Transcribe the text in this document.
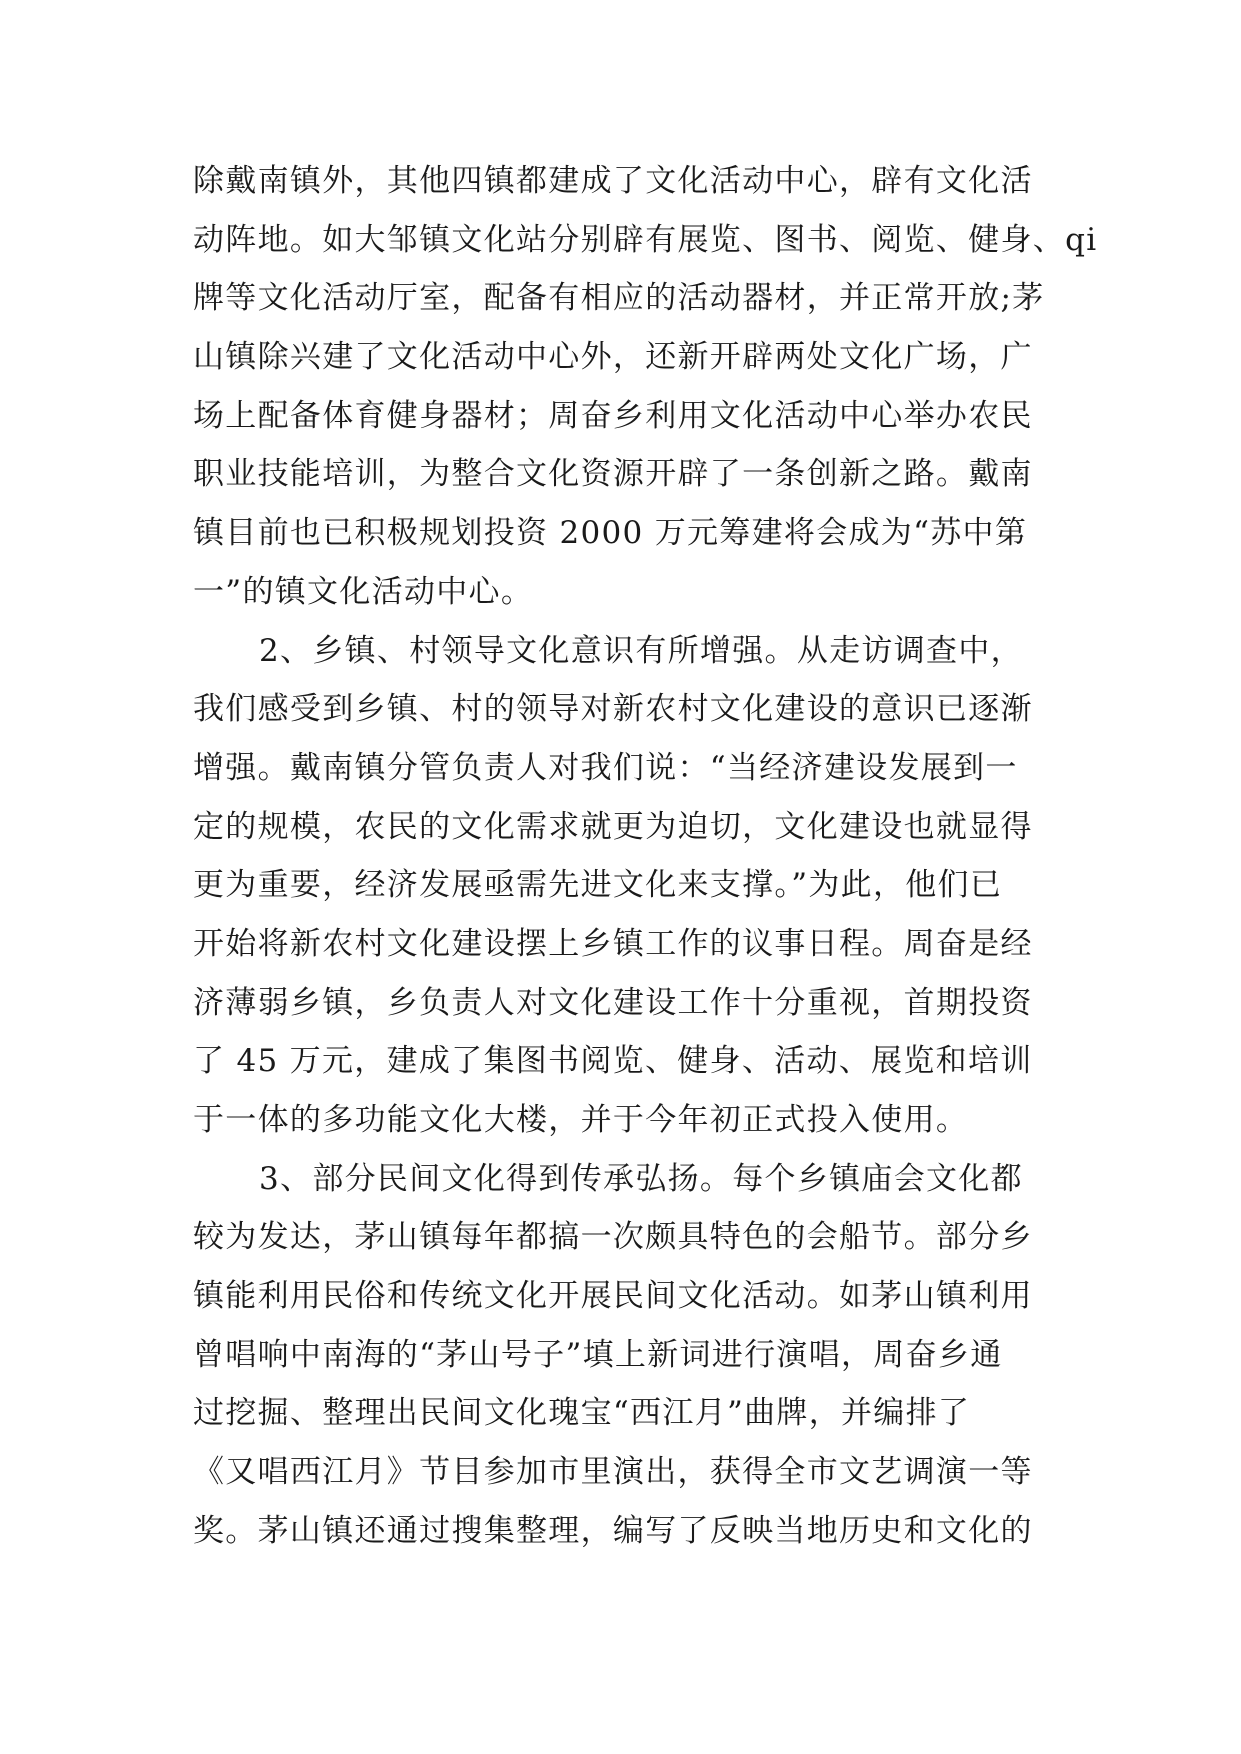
除戴南镇外，其他四镇都建成了文化活动中心，辟有文化活
动阵地。如大邹镇文化站分别辟有展览、图书、阅览、健身、qi
牌等文化活动厅室，配备有相应的活动器材，并正常开放;茅
山镇除兴建了文化活动中心外，还新开辟两处文化广场，广
场上配备体育健身器材；周奋乡利用文化活动中心举办农民
职业技能培训，为整合文化资源开辟了一条创新之路。戴南
镇目前也已积极规划投资 2000 万元筹建将会成为“苏中第
一”的镇文化活动中心。
2、乡镇、村领导文化意识有所增强。从走访调查中，
我们感受到乡镇、村的领导对新农村文化建设的意识已逐渐
增强。戴南镇分管负责人对我们说：“当经济建设发展到一
定的规模，农民的文化需求就更为迫切，文化建设也就显得
更为重要，经济发展亟需先进文化来支撑。”为此，他们已
开始将新农村文化建设摆上乡镇工作的议事日程。周奋是经
济薄弱乡镇，乡负责人对文化建设工作十分重视，首期投资
了 45 万元，建成了集图书阅览、健身、活动、展览和培训
于一体的多功能文化大楼，并于今年初正式投入使用。
3、部分民间文化得到传承弘扬。每个乡镇庙会文化都
较为发达，茅山镇每年都搞一次颇具特色的会船节。部分乡
镇能利用民俗和传统文化开展民间文化活动。如茅山镇利用
曾唱响中南海的“茅山号子”填上新词进行演唱，周奋乡通
过挖掘、整理出民间文化瑰宝“西江月”曲牌，并编排了
《又唱西江月》节目参加市里演出，获得全市文艺调演一等
奖。茅山镇还通过搜集整理，编写了反映当地历史和文化的
